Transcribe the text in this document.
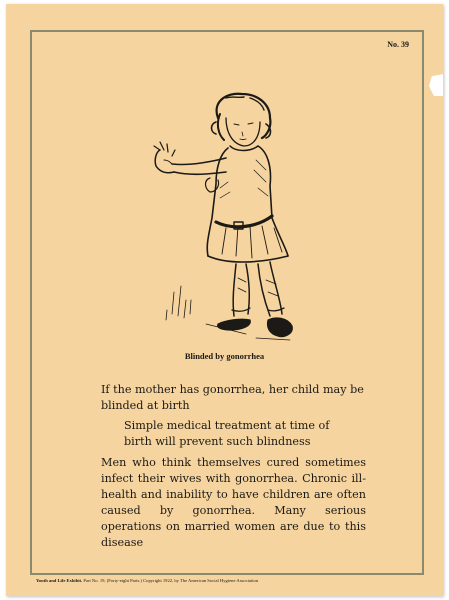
No. 39
Blinded by gonorrhea

If the mother has gonorrhea, her child may be blinded at birth

Simple medical treatment at time of birth will prevent such blindness

Men who think themselves cured sometimes infect their wives with gonorrhea. Chronic ill-health and inability to have children are often caused by gonorrhea. Many serious operations on married women are due to this disease

Youth and Life Exhibit. Part No. 19, (Forty-eight Parts.) Copyright 1922, by The American Social Hygiene Association
